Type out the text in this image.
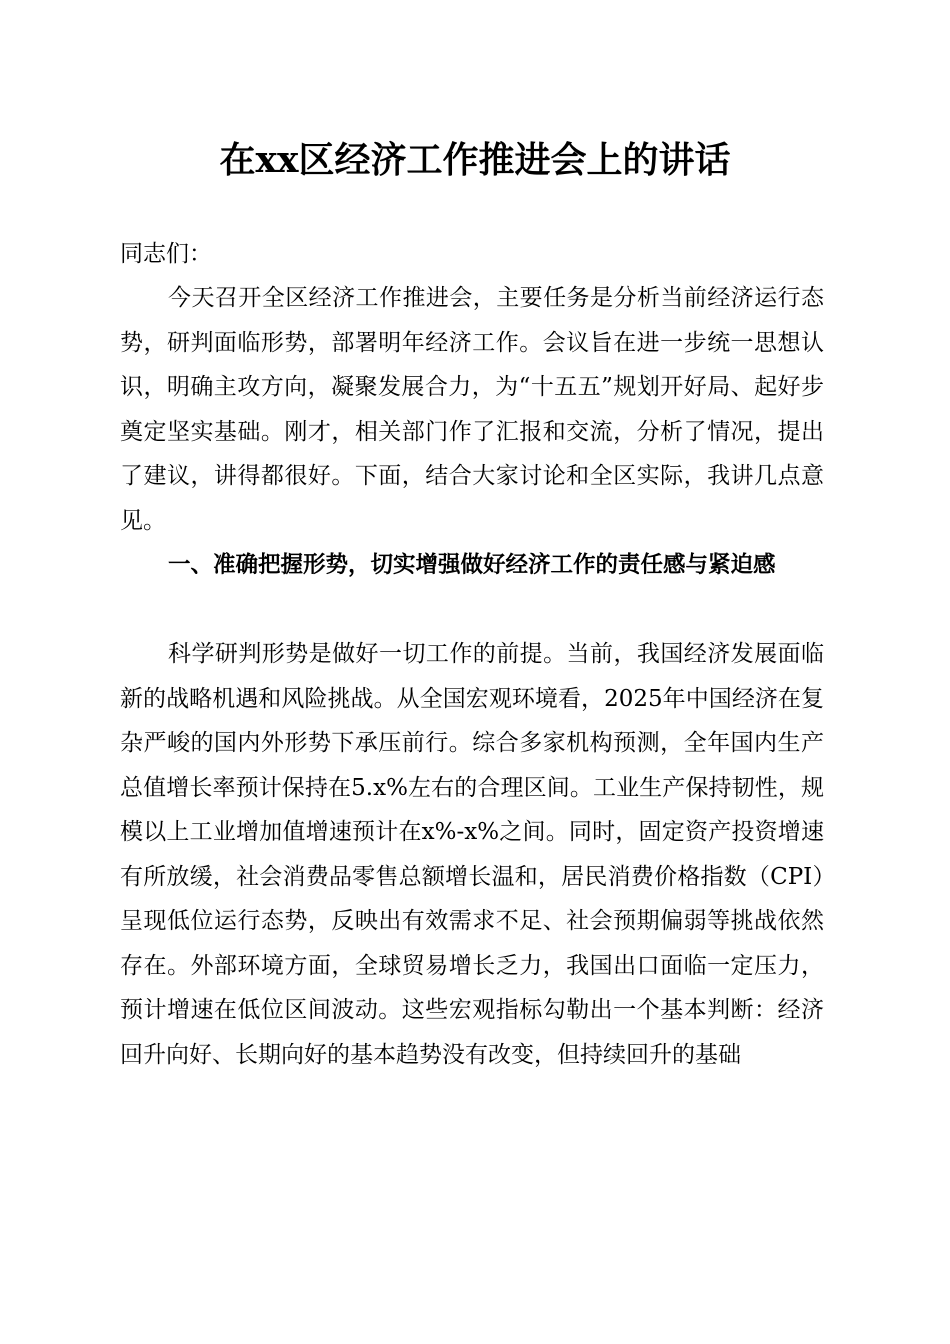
在xx区经济工作推进会上的讲话
同志们：
今天召开全区经济工作推进会，主要任务是分析当前经济运行态势，研判面临形势，部署明年经济工作。会议旨在进一步统一思想认识，明确主攻方向，凝聚发展合力，为“十五五”规划开好局、起好步奠定坚实基础。刚才，相关部门作了汇报和交流，分析了情况，提出了建议，讲得都很好。下面，结合大家讨论和全区实际，我讲几点意见。
一、准确把握形势，切实增强做好经济工作的责任感与紧迫感
科学研判形势是做好一切工作的前提。当前，我国经济发展面临新的战略机遇和风险挑战。从全国宏观环境看，2025年中国经济在复杂严峻的国内外形势下承压前行。综合多家机构预测，全年国内生产总值增长率预计保持在5.x%左右的合理区间。工业生产保持韧性，规模以上工业增加值增速预计在x%-x%之间。同时，固定资产投资增速有所放缓，社会消费品零售总额增长温和，居民消费价格指数（CPI）呈现低位运行态势，反映出有效需求不足、社会预期偏弱等挑战依然存在。外部环境方面，全球贸易增长乏力，我国出口面临一定压力，预计增速在低位区间波动。这些宏观指标勾勒出一个基本判断：经济回升向好、长期向好的基本趋势没有改变，但持续回升的基础
